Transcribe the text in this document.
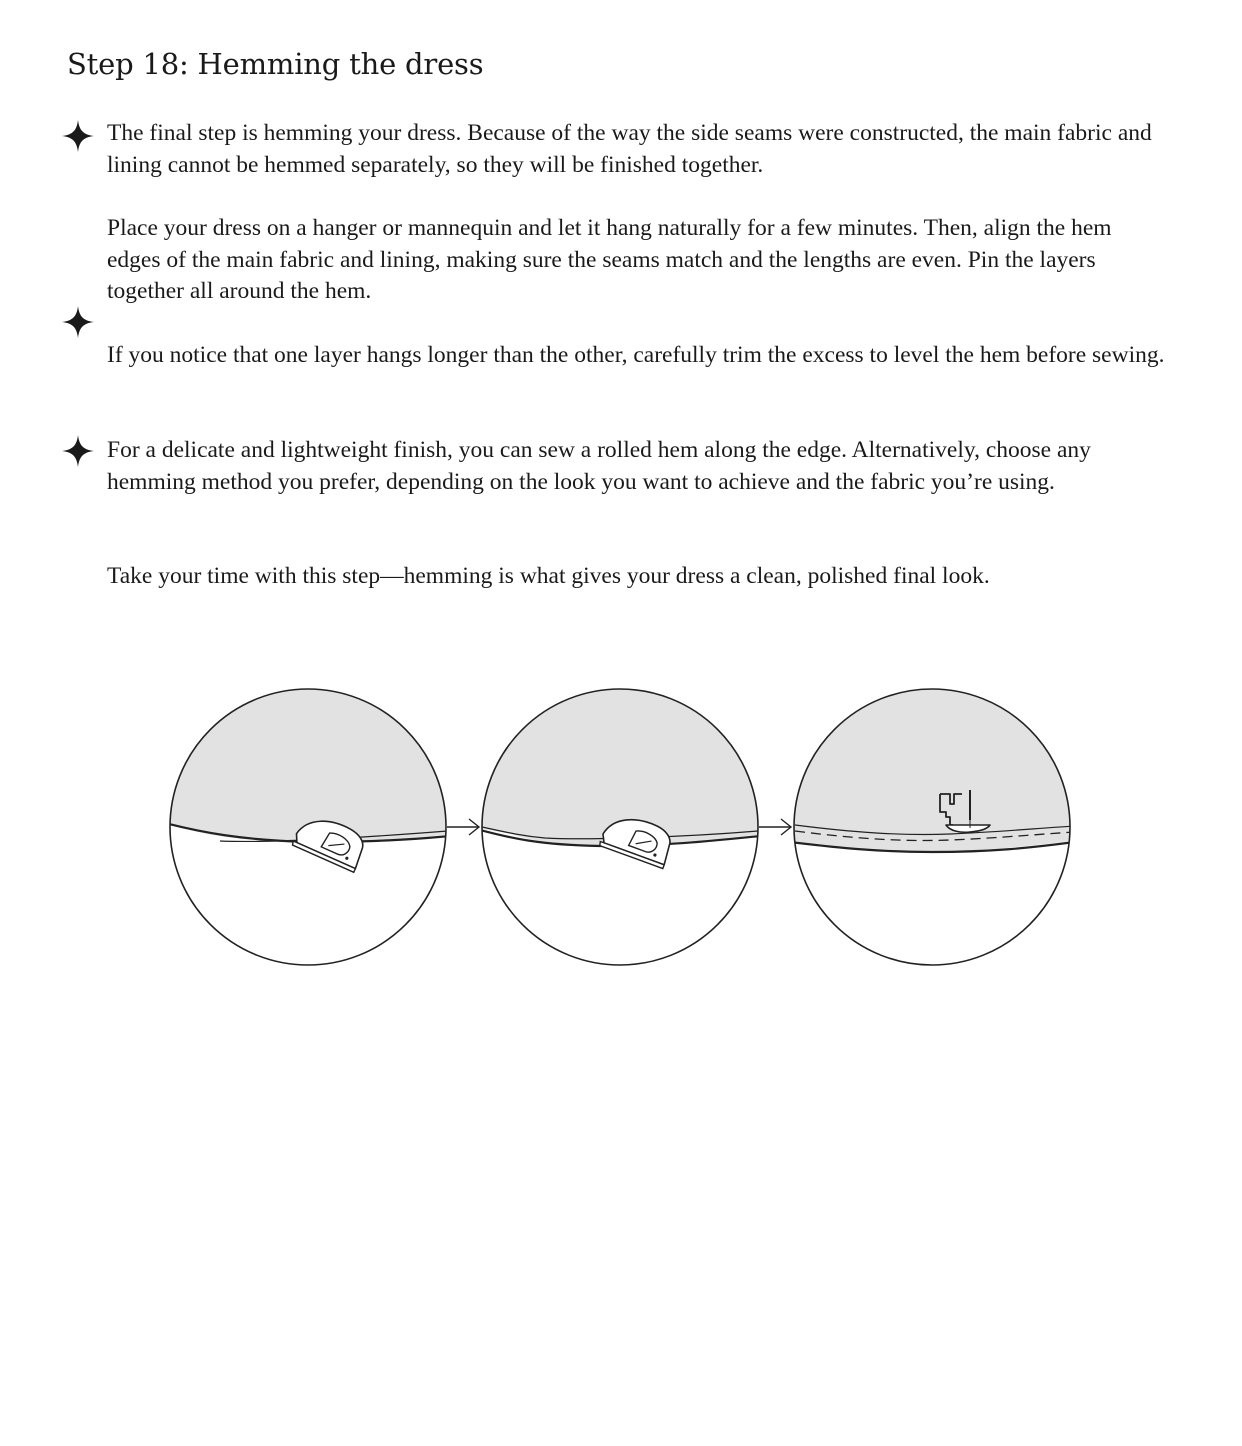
Step 18: Hemming the dress

The final step is hemming your dress. Because of the way the side seams were constructed, the main fabric and lining cannot be hemmed separately, so they will be finished together.

Place your dress on a hanger or mannequin and let it hang naturally for a few minutes. Then, align the hem edges of the main fabric and lining, making sure the seams match and the lengths are even. Pin the layers together all around the hem.

If you notice that one layer hangs longer than the other, carefully trim the excess to level the hem before sewing.

For a delicate and lightweight finish, you can sew a rolled hem along the edge. Alternatively, choose any hemming method you prefer, depending on the look you want to achieve and the fabric you’re using.

Take your time with this step—hemming is what gives your dress a clean, polished final look.
